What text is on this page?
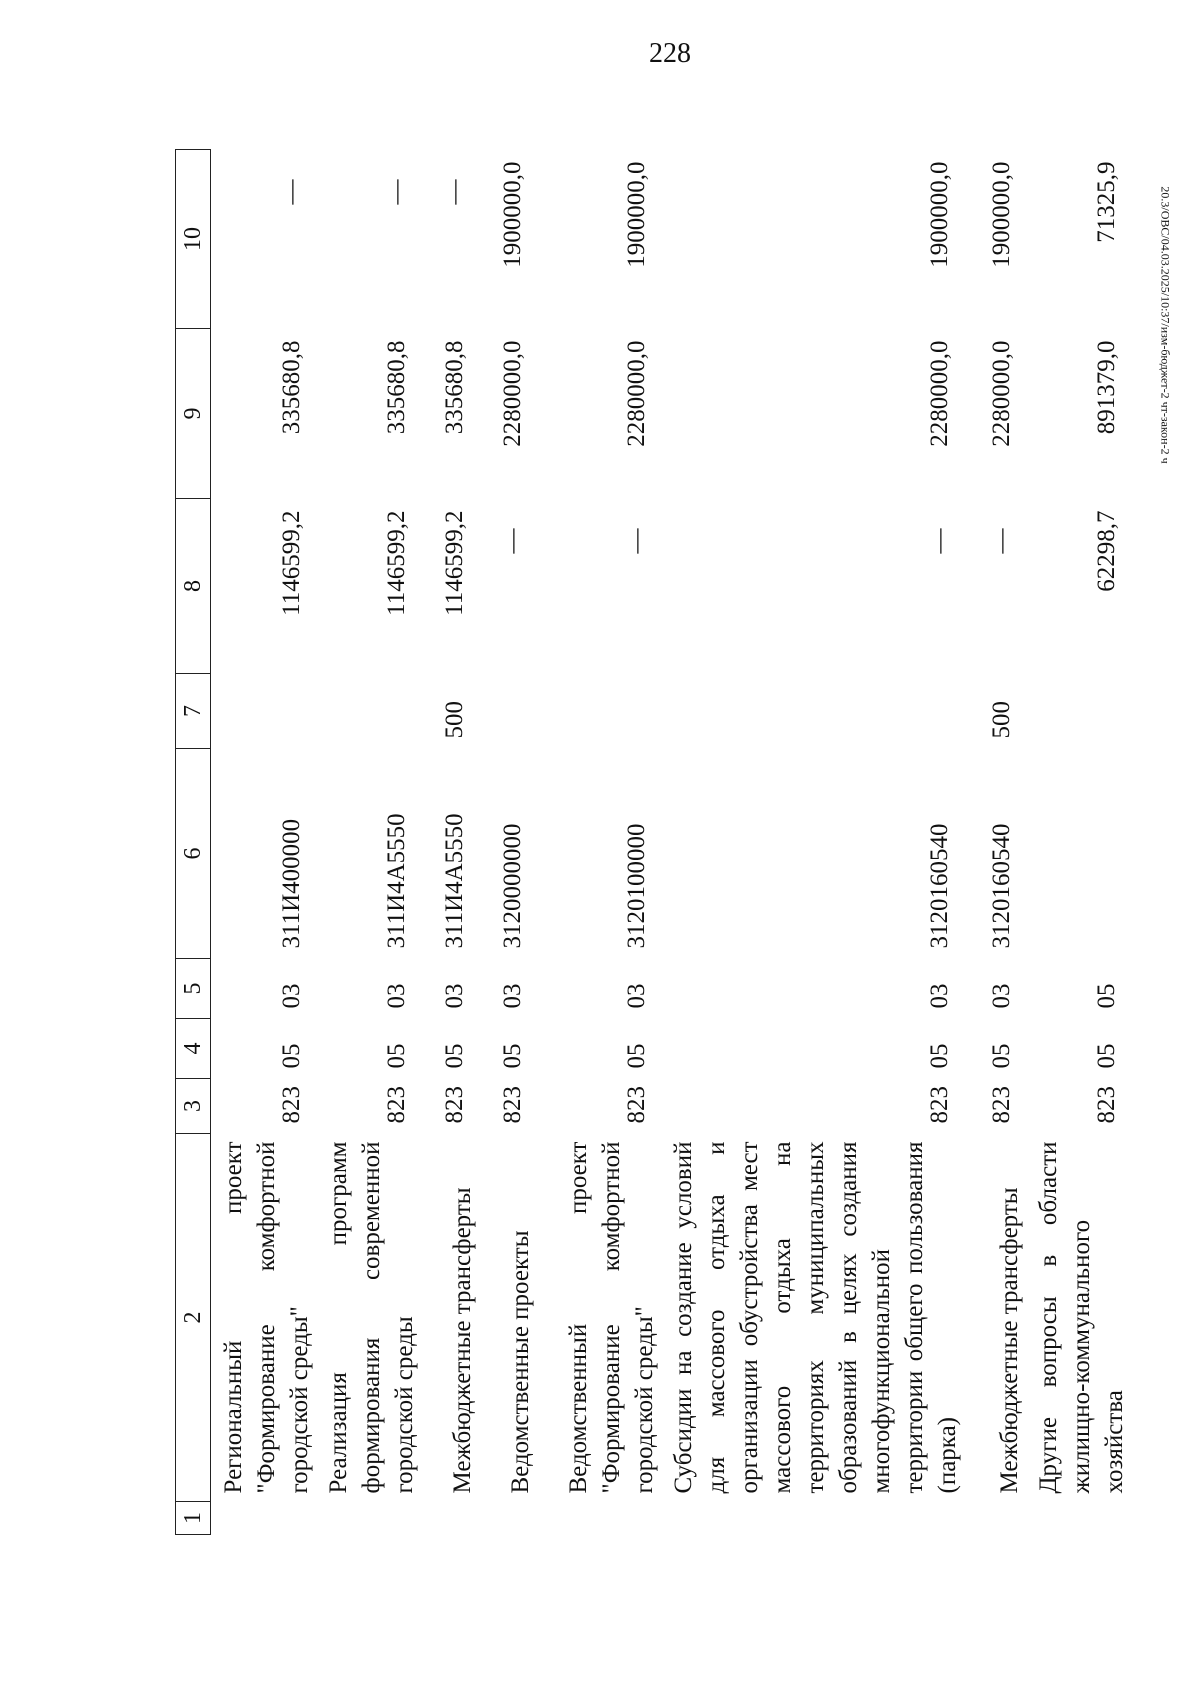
228
20.3/ОВС/04.03.2025/10:37/изм-бюджет-2 чт-закон-2 ч
1	2	3	4	5	6	7	8	9	10
	Региональный проект "Формирование комфортной городской среды"	823	05	03	311И400000		1146599,2	335680,8	—
	Реализация программ формирования современной городской среды	823	05	03	311И4А5550		1146599,2	335680,8	—
	Межбюджетные трансферты	823	05	03	311И4А5550	500	1146599,2	335680,8	—
	Ведомственные проекты	823	05	03	3120000000		—	2280000,0	1900000,0
	Ведомственный проект "Формирование комфортной городской среды"	823	05	03	3120100000		—	2280000,0	1900000,0
	Субсидии на создание условий для массового отдыха и организации обустройства мест массового отдыха на территориях муниципальных образований в целях создания многофункциональной территории общего пользования (парка)	823	05	03	3120160540		—	2280000,0	1900000,0
	Межбюджетные трансферты	823	05	03	3120160540	500	—	2280000,0	1900000,0
	Другие вопросы в области жилищно-коммунального хозяйства	823	05	05			62298,7	891379,0	71325,9
